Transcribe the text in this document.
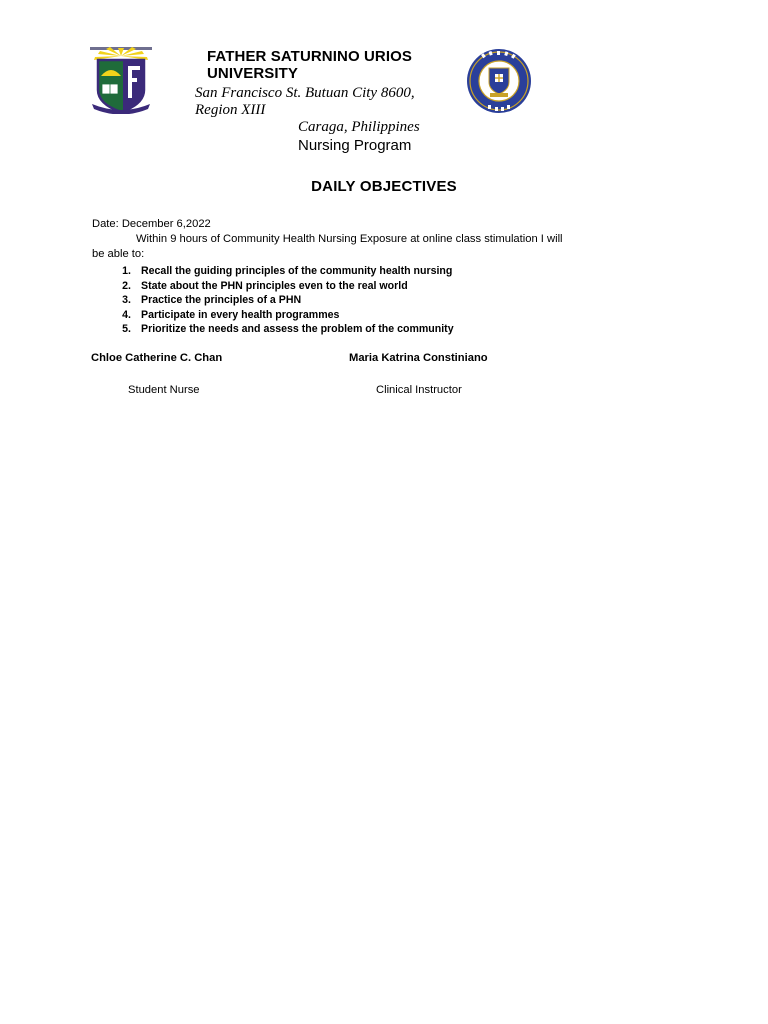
FATHER SATURNINO URIOS
UNIVERSITY
San Francisco St. Butuan City 8600,
Region XIII
Caraga, Philippines
Nursing Program
DAILY OBJECTIVES
Date: December 6,2022
Within 9 hours of Community Health Nursing Exposure at online class stimulation I will
be able to:
1. Recall the guiding principles of the community health nursing
2. State about the PHN principles even to the real world
3. Practice the principles of a PHN
4. Participate in every health programmes
5. Prioritize the needs and assess the problem of the community
Chloe Catherine C. Chan	Maria Katrina Constiniano
Student Nurse	Clinical Instructor
